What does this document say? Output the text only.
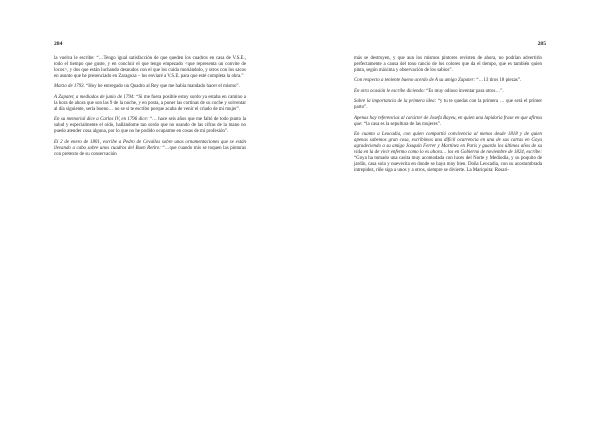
284

la vuelva le escribe: “…Tengo igual satisfacción de que queden los cuadros en casa de V.S.E., todo el tiempo que guste, y en concluir el que tengo empezado <que representa un convite de locos>, y dos que están luchando desnudos con el que los cuida moriándolo, y otros con los sacos en asunto que he presenciado en Zaragoza – los enviaré a V.S.E. para que esté completa la obra.”

Marzo de 1793. “Hoy he entregado un Quadro al Rey que me había mandado hacer el mismo”.

A Zapater, a mediados de junio de 1794: “Si me fuera posible estoy sordo ya estaba en camino a la hora de ahora que son las 9 de la noche, y en posta, a poner las cortinas de su coche y solventar al día siguiente, sería bueno… no se si te escribo porque acaba de venir el criado de mi mujer”.

En su memorial dice a Carlos IV, en 1796 dice: “… hace seis años que me faltó de todo punto la salud y especialmente el oído, hallándome tan sordo que no usando de las cifras de la mano no puedo atender cosa alguna, por lo que no he podido ocuparme en cosas de mi profesión”.

El 2 de enero de 1801, escribe a Pedro de Cevallos sobre unas ornamentaciones que se están llevando a cabo sobre unos cuadros del Buen Retiro: “…que cuando mis se toquen las pinturas con pretexto de su conservación

285

más se destruyen, y que aun los mismos pintores revisten de ahora, no podrían advertirlo perfectamente a causa del tono rancio de los colores que da el tiempo, que es también quien pinta, según máxima y observación de los sabios”.

Con respecto a teniente bueno acerdo de A su amigo Zapater: “…13 tiros 18 piezas”.

En otra ocasión le escribe diciendo: “Es muy odioso inventar para otros…”.

Sobre la importancia de la primera idea: “y tu te quedas con la primera … que será el primer parto”.

Apenas hay referencias al carácter de Josefa Bayeu, en quien una lapidaria frase en que afirma que: “la casa es la sepultura de las mujeres”.

En cuanto a Leocadia, con quien compartió convivencia al menos desde 1818 y de quien apenas sabemos gran cosa, escribimos una difícil ocurrencia en una de sus cartas en Goya agradeciendo a su amigo Joaquín Ferrer y Martínez en París y guardo los últimos años de su vida en la de vivir enfermo como lo es ahora… los en Gobierno de noviembre de 1824, escribe: “Goya ha tomado una casita muy acomodada con luces del Norte y Mediodía, y su poquito de jardín, casa sola y nuevecita en donde se haya muy bien. Doña Leocadia, con su acostumbrada intrepidez, riñe siga a unos y a otros, siempre se divierte. La Mariquita: Rosari-
